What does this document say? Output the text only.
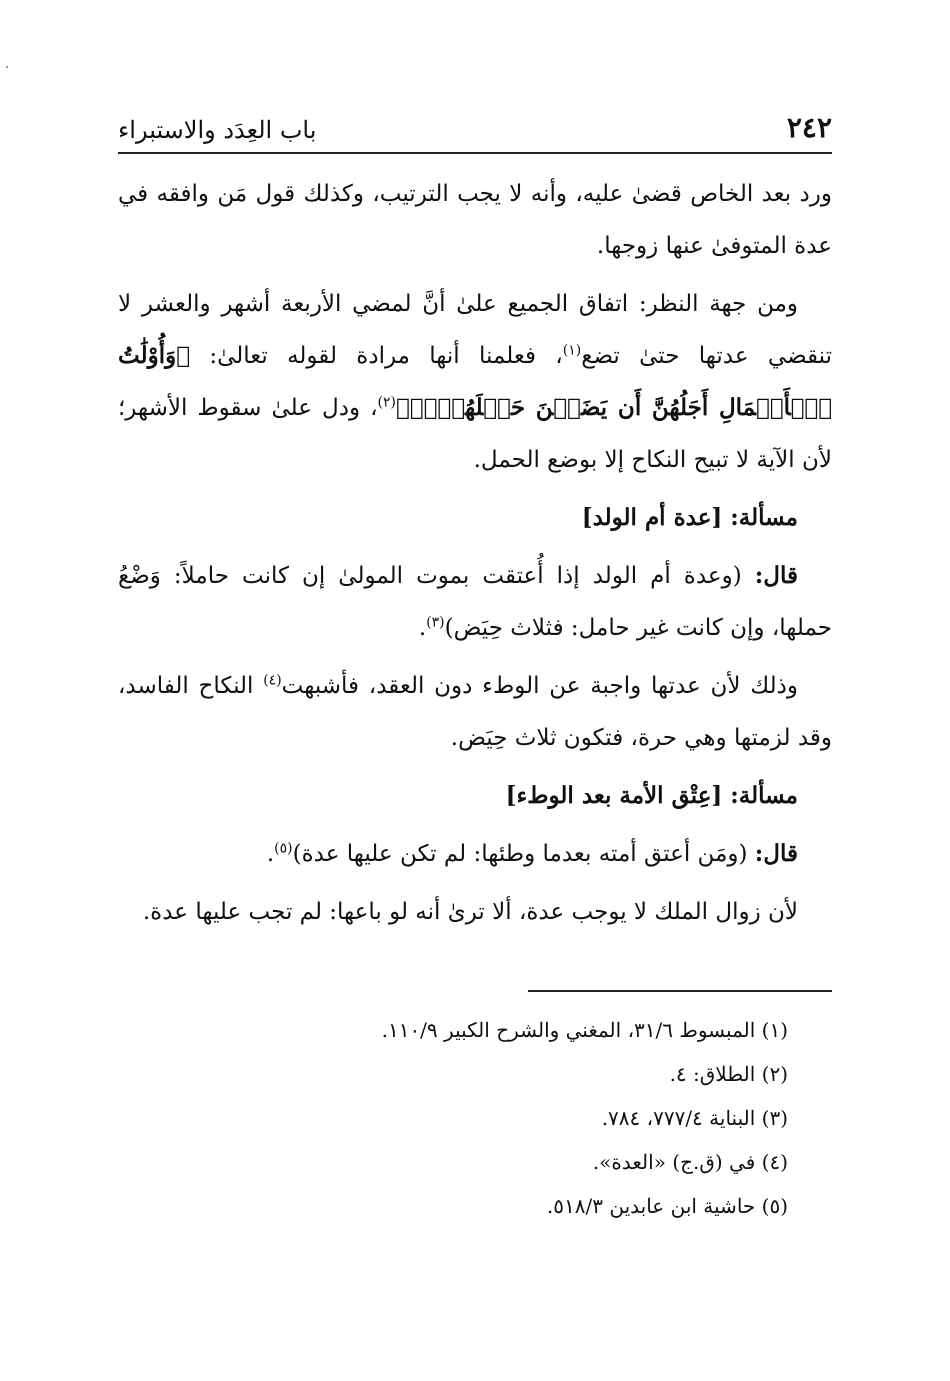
٢٤٢
باب العِدَد والاستبراء

ورد بعد الخاص قضىٰ عليه، وأنه لا يجب الترتيب، وكذلك قول مَن وافقه في عدة المتوفىٰ عنها زوجها.

ومن جهة النظر: اتفاق الجميع علىٰ أنَّ لمضي الأربعة أشهر والعشر لا تنقضي عدتها حتىٰ تضع$^{(١)}$، فعلمنا أنها مرادة لقوله تعالىٰ: ﴿وَأُوْلَٰتُ ٱلۡأَحۡمَالِ أَجَلُهُنَّ أَن يَضَعۡنَ حَمۡلَهُنَّۚ﴾$^{(٢)}$، ودل علىٰ سقوط الأشهر؛ لأن الآية لا تبيح النكاح إلا بوضع الحمل.

مسألة: [عدة أم الولد]

قال: (وعدة أم الولد إذا أُعتقت بموت المولىٰ إن كانت حاملاً: وَضْعُ حملها، وإن كانت غير حامل: فثلاث حِيَض)$^{(٣)}$.

وذلك لأن عدتها واجبة عن الوطء دون العقد، فأشبهت$^{(٤)}$ النكاح الفاسد، وقد لزمتها وهي حرة، فتكون ثلاث حِيَض.

مسألة: [عِتْق الأمة بعد الوطء]

قال: (ومَن أعتق أمته بعدما وطئها: لم تكن عليها عدة)$^{(٥)}$.

لأن زوال الملك لا يوجب عدة، ألا ترىٰ أنه لو باعها: لم تجب عليها عدة.

(١) المبسوط ٣١/٦، المغني والشرح الكبير ١١٠/٩.

(٢) الطلاق: ٤.

(٣) البناية ٧٧٧/٤، ٧٨٤.

(٤) في (ق.ج) «العدة».

(٥) حاشية ابن عابدين ٥١٨/٣.
